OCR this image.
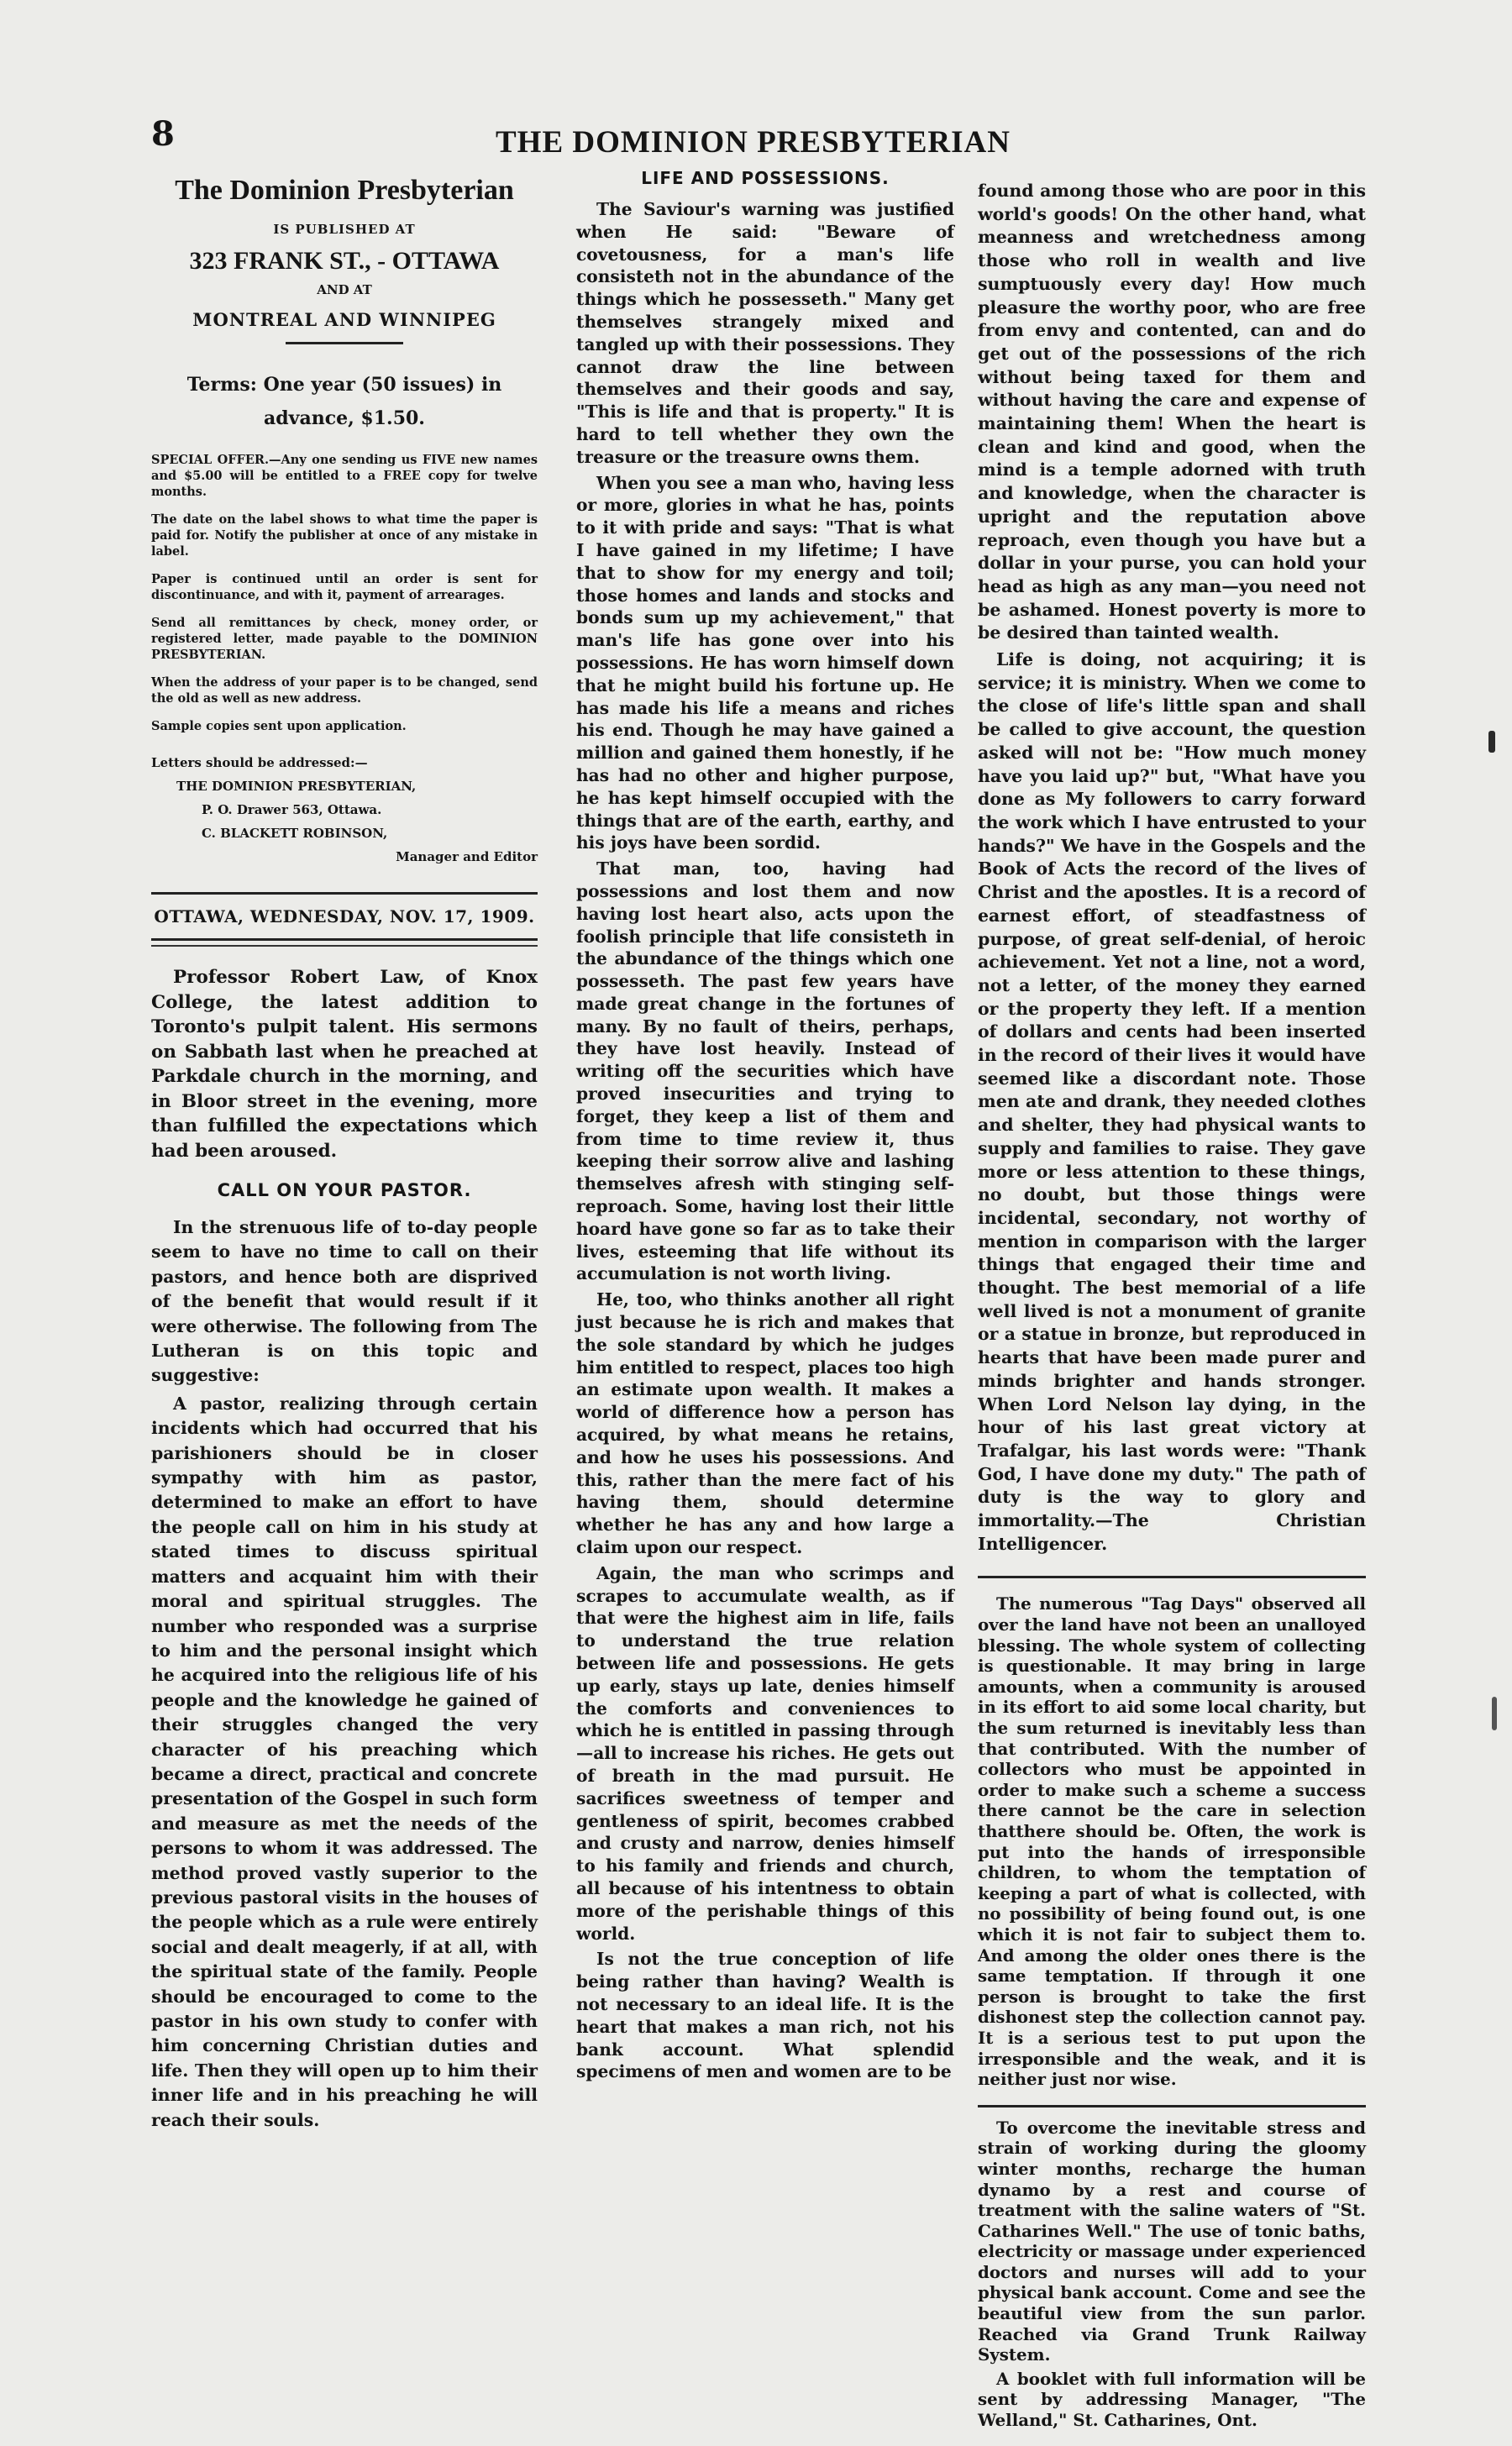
8	THE DOMINION PRESBYTERIAN
The Dominion Presbyterian
IS PUBLISHED AT
323 FRANK ST., - OTTAWA
AND AT
MONTREAL AND WINNIPEG
Terms: One year (50 issues) in
advance, $1.50.

SPECIAL OFFER.—Any one sending us FIVE new names and $5.00 will be entitled to a FREE copy for twelve months.

The date on the label shows to what time the paper is paid for. Notify the publisher at once of any mistake in label.

Paper is continued until an order is sent for discontinuance, and with it, payment of arrearages.

Send all remittances by check, money order, or registered letter, made payable to the DOMINION PRESBYTERIAN.

When the address of your paper is to be changed, send the old as well as new address.

Sample copies sent upon application.

Letters should be addressed:—
THE DOMINION PRESBYTERIAN,
P. O. Drawer 563, Ottawa.
C. BLACKETT ROBINSON,
Manager and Editor
OTTAWA, WEDNESDAY, NOV. 17, 1909.

Professor Robert Law, of Knox College, the latest addition to Toronto's pulpit talent. His sermons on Sabbath last when he preached at Parkdale church in the morning, and in Bloor street in the evening, more than fulfilled the expectations which had been aroused.

CALL ON YOUR PASTOR.

In the strenuous life of to-day people seem to have no time to call on their pastors, and hence both are disprived of the benefit that would result if it were otherwise. The following from The Lutheran is on this topic and suggestive:

A pastor, realizing through certain incidents which had occurred that his parishioners should be in closer sympathy with him as pastor, determined to make an effort to have the people call on him in his study at stated times to discuss spiritual matters and acquaint him with their moral and spiritual struggles. The number who responded was a surprise to him and the personal insight which he acquired into the religious life of his people and the knowledge he gained of their struggles changed the very character of his preaching which became a direct, practical and concrete presentation of the Gospel in such form and measure as met the needs of the persons to whom it was addressed. The method proved vastly superior to the previous pastoral visits in the houses of the people which as a rule were entirely social and dealt meagerly, if at all, with the spiritual state of the family. People should be encouraged to come to the pastor in his own study to confer with him concerning Christian duties and life. Then they will open up to him their inner life and in his preaching he will reach their souls.

LIFE AND POSSESSIONS.

The Saviour's warning was justified when He said: "Beware of covetousness, for a man's life consisteth not in the abundance of the things which he possesseth." Many get themselves strangely mixed and tangled up with their possessions. They cannot draw the line between themselves and their goods and say, "This is life and that is property." It is hard to tell whether they own the treasure or the treasure owns them.

When you see a man who, having less or more, glories in what he has, points to it with pride and says: "That is what I have gained in my lifetime; I have that to show for my energy and toil; those homes and lands and stocks and bonds sum up my achievement," that man's life has gone over into his possessions. He has worn himself down that he might build his fortune up. He has made his life a means and riches his end. Though he may have gained a million and gained them honestly, if he has had no other and higher purpose, he has kept himself occupied with the things that are of the earth, earthy, and his joys have been sordid.

That man, too, having had possessions and lost them and now having lost heart also, acts upon the foolish principle that life consisteth in the abundance of the things which one possesseth. The past few years have made great change in the fortunes of many. By no fault of theirs, perhaps, they have lost heavily. Instead of writing off the securities which have proved insecurities and trying to forget, they keep a list of them and from time to time review it, thus keeping their sorrow alive and lashing themselves afresh with stinging self-reproach. Some, having lost their little hoard have gone so far as to take their lives, esteeming that life without its accumulation is not worth living.

He, too, who thinks another all right just because he is rich and makes that the sole standard by which he judges him entitled to respect, places too high an estimate upon wealth. It makes a world of difference how a person has acquired, by what means he retains, and how he uses his possessions. And this, rather than the mere fact of his having them, should determine whether he has any and how large a claim upon our respect.

Again, the man who scrimps and scrapes to accumulate wealth, as if that were the highest aim in life, fails to understand the true relation between life and possessions. He gets up early, stays up late, denies himself the comforts and conveniences to which he is entitled in passing through —all to increase his riches. He gets out of breath in the mad pursuit. He sacrifices sweetness of temper and gentleness of spirit, becomes crabbed and crusty and narrow, denies himself to his family and friends and church, all because of his intentness to obtain more of the perishable things of this world.

Is not the true conception of life being rather than having? Wealth is not necessary to an ideal life. It is the heart that makes a man rich, not his bank account. What splendid specimens of men and women are to be

found among those who are poor in this world's goods! On the other hand, what meanness and wretchedness among those who roll in wealth and live sumptuously every day! How much pleasure the worthy poor, who are free from envy and contented, can and do get out of the possessions of the rich without being taxed for them and without having the care and expense of maintaining them! When the heart is clean and kind and good, when the mind is a temple adorned with truth and knowledge, when the character is upright and the reputation above reproach, even though you have but a dollar in your purse, you can hold your head as high as any man—you need not be ashamed. Honest poverty is more to be desired than tainted wealth.

Life is doing, not acquiring; it is service; it is ministry. When we come to the close of life's little span and shall be called to give account, the question asked will not be: "How much money have you laid up?" but, "What have you done as My followers to carry forward the work which I have entrusted to your hands?" We have in the Gospels and the Book of Acts the record of the lives of Christ and the apostles. It is a record of earnest effort, of steadfastness of purpose, of great self-denial, of heroic achievement. Yet not a line, not a word, not a letter, of the money they earned or the property they left. If a mention of dollars and cents had been inserted in the record of their lives it would have seemed like a discordant note. Those men ate and drank, they needed clothes and shelter, they had physical wants to supply and families to raise. They gave more or less attention to these things, no doubt, but those things were incidental, secondary, not worthy of mention in comparison with the larger things that engaged their time and thought. The best memorial of a life well lived is not a monument of granite or a statue in bronze, but reproduced in hearts that have been made purer and minds brighter and hands stronger. When Lord Nelson lay dying, in the hour of his last great victory at Trafalgar, his last words were: "Thank God, I have done my duty." The path of duty is the way to glory and immortality.—The Christian Intelligencer.

The numerous "Tag Days" observed all over the land have not been an unalloyed blessing. The whole system of collecting is questionable. It may bring in large amounts, when a community is aroused in its effort to aid some local charity, but the sum returned is inevitably less than that contributed. With the number of collectors who must be appointed in order to make such a scheme a success there cannot be the care in selection thatthere should be. Often, the work is put into the hands of irresponsible children, to whom the temptation of keeping a part of what is collected, with no possibility of being found out, is one which it is not fair to subject them to. And among the older ones there is the same temptation. If through it one person is brought to take the first dishonest step the collection cannot pay. It is a serious test to put upon the irresponsible and the weak, and it is neither just nor wise.

To overcome the inevitable stress and strain of working during the gloomy winter months, recharge the human dynamo by a rest and course of treatment with the saline waters of "St. Catharines Well." The use of tonic baths, electricity or massage under experienced doctors and nurses will add to your physical bank account. Come and see the beautiful view from the sun parlor. Reached via Grand Trunk Railway System.

A booklet with full information will be sent by addressing Manager, "The Welland," St. Catharines, Ont.
